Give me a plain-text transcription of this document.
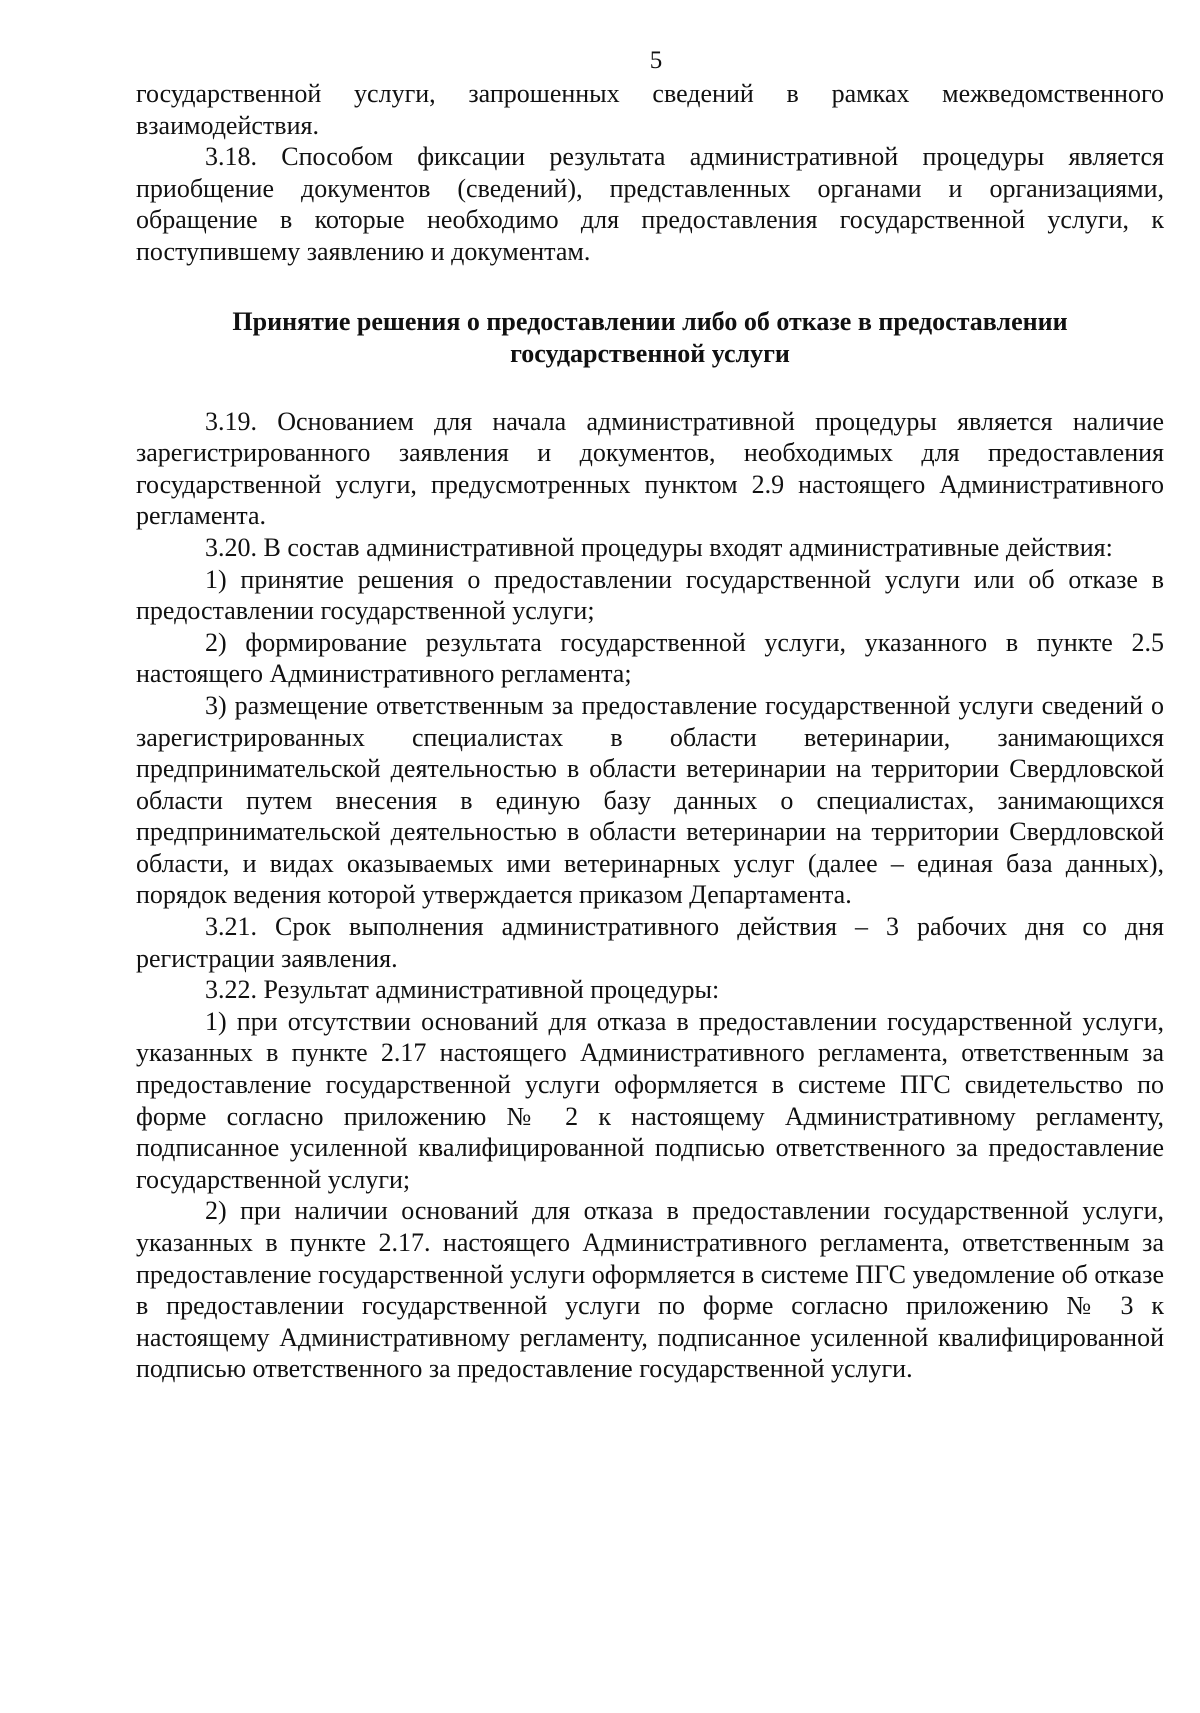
5

государственной услуги, запрошенных сведений в рамках межведомственного взаимодействия.

3.18. Способом фиксации результата административной процедуры является приобщение документов (сведений), представленных органами и организациями, обращение в которые необходимо для предоставления государственной услуги, к поступившему заявлению и документам.

Принятие решения о предоставлении либо об отказе в предоставлении
государственной услуги

3.19. Основанием для начала административной процедуры является наличие зарегистрированного заявления и документов, необходимых для предоставления государственной услуги, предусмотренных пунктом 2.9 настоящего Административного регламента.

3.20. В состав административной процедуры входят административные действия:

1) принятие решения о предоставлении государственной услуги или об отказе в предоставлении государственной услуги;

2) формирование результата государственной услуги, указанного в пункте 2.5 настоящего Административного регламента;

3) размещение ответственным за предоставление государственной услуги сведений о зарегистрированных специалистах в области ветеринарии, занимающихся предпринимательской деятельностью в области ветеринарии на территории Свердловской области путем внесения в единую базу данных о специалистах, занимающихся предпринимательской деятельностью в области ветеринарии на территории Свердловской области, и видах оказываемых ими ветеринарных услуг (далее – единая база данных), порядок ведения которой утверждается приказом Департамента.

3.21. Срок выполнения административного действия – 3 рабочих дня со дня регистрации заявления.

3.22. Результат административной процедуры:

1) при отсутствии оснований для отказа в предоставлении государственной услуги, указанных в пункте 2.17 настоящего Административного регламента, ответственным за предоставление государственной услуги оформляется в системе ПГС свидетельство по форме согласно приложению № 2 к настоящему Административному регламенту, подписанное усиленной квалифицированной подписью ответственного за предоставление государственной услуги;

2) при наличии оснований для отказа в предоставлении государственной услуги, указанных в пункте 2.17. настоящего Административного регламента, ответственным за предоставление государственной услуги оформляется в системе ПГС уведомление об отказе в предоставлении государственной услуги по форме согласно приложению № 3 к настоящему Административному регламенту, подписанное усиленной квалифицированной подписью ответственного за предоставление государственной услуги.
